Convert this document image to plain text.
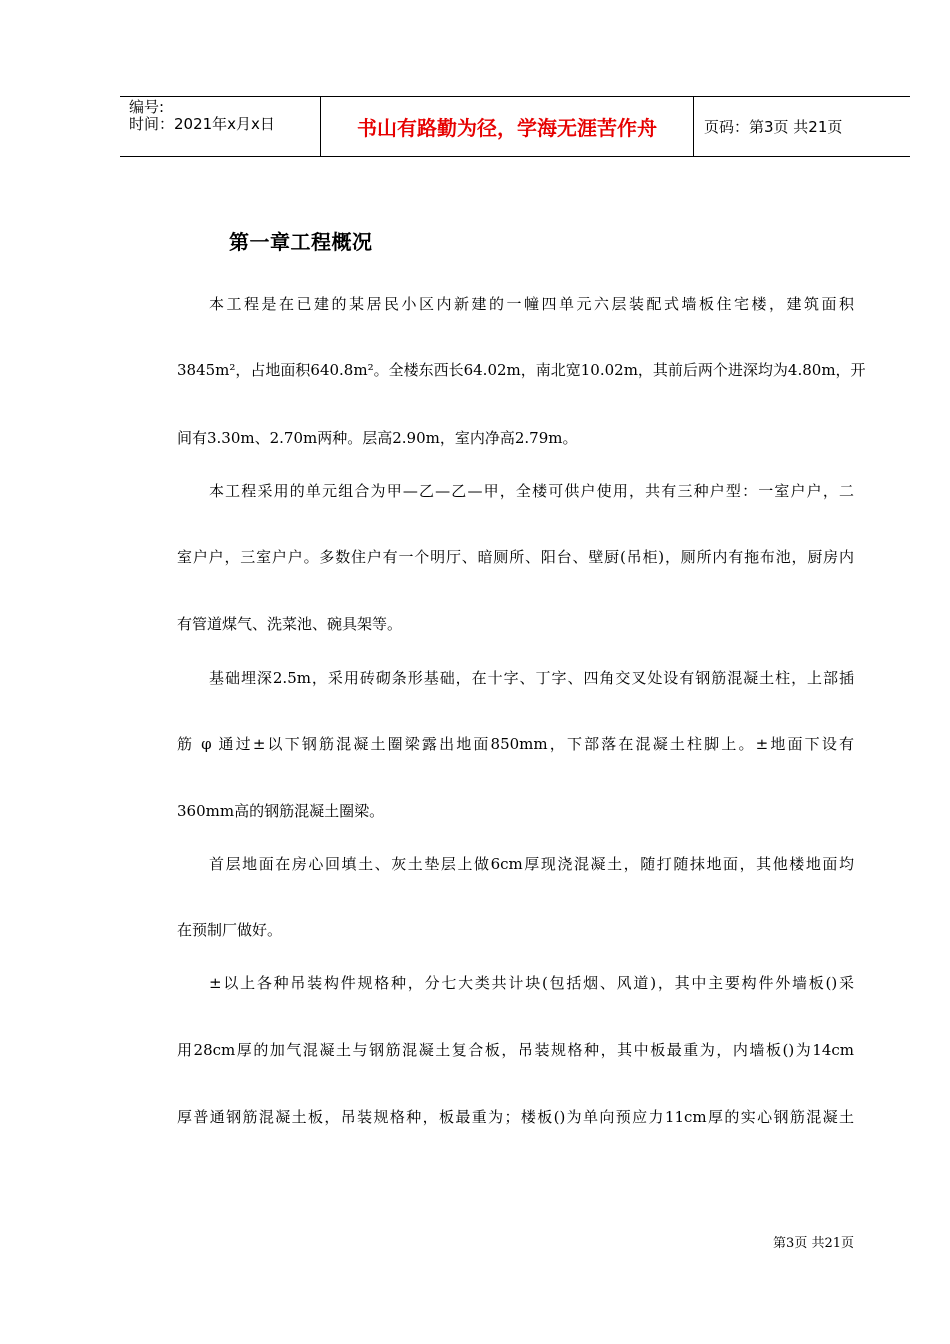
编号:
时间：2021年x月x日	书山有路勤为径，学海无涯苦作舟	页码：第3页 共21页
第一章工程概况
本工程是在已建的某居民小区内新建的一幢四单元六层装配式墙板住宅楼，建筑面积
3845m²，占地面积640.8m²。全楼东西长64.02m，南北宽10.02m，其前后两个进深均为4.80m，开
间有3.30m、2.70m两种。层高2.90m，室内净高2.79m。
本工程采用的单元组合为甲—乙—乙—甲，全楼可供户使用，共有三种户型：一室户户，二
室户户，三室户户。多数住户有一个明厅、暗厕所、阳台、壁厨(吊柜)，厕所内有拖布池，厨房内
有管道煤气、洗菜池、碗具架等。
基础埋深2.5m，采用砖砌条形基础，在十字、丁字、四角交叉处设有钢筋混凝土柱，上部插
筋 φ 通过±以下钢筋混凝土圈梁露出地面850mm，下部落在混凝土柱脚上。±地面下设有
360mm高的钢筋混凝土圈梁。
首层地面在房心回填土、灰土垫层上做6cm厚现浇混凝土，随打随抹地面，其他楼地面均
在预制厂做好。
±以上各种吊装构件规格种，分七大类共计块(包括烟、风道)，其中主要构件外墙板()采
用28cm厚的加气混凝土与钢筋混凝土复合板，吊装规格种，其中板最重为，内墙板()为14cm
厚普通钢筋混凝土板，吊装规格种，板最重为；楼板()为单向预应力11cm厚的实心钢筋混凝土
第3页 共21页
